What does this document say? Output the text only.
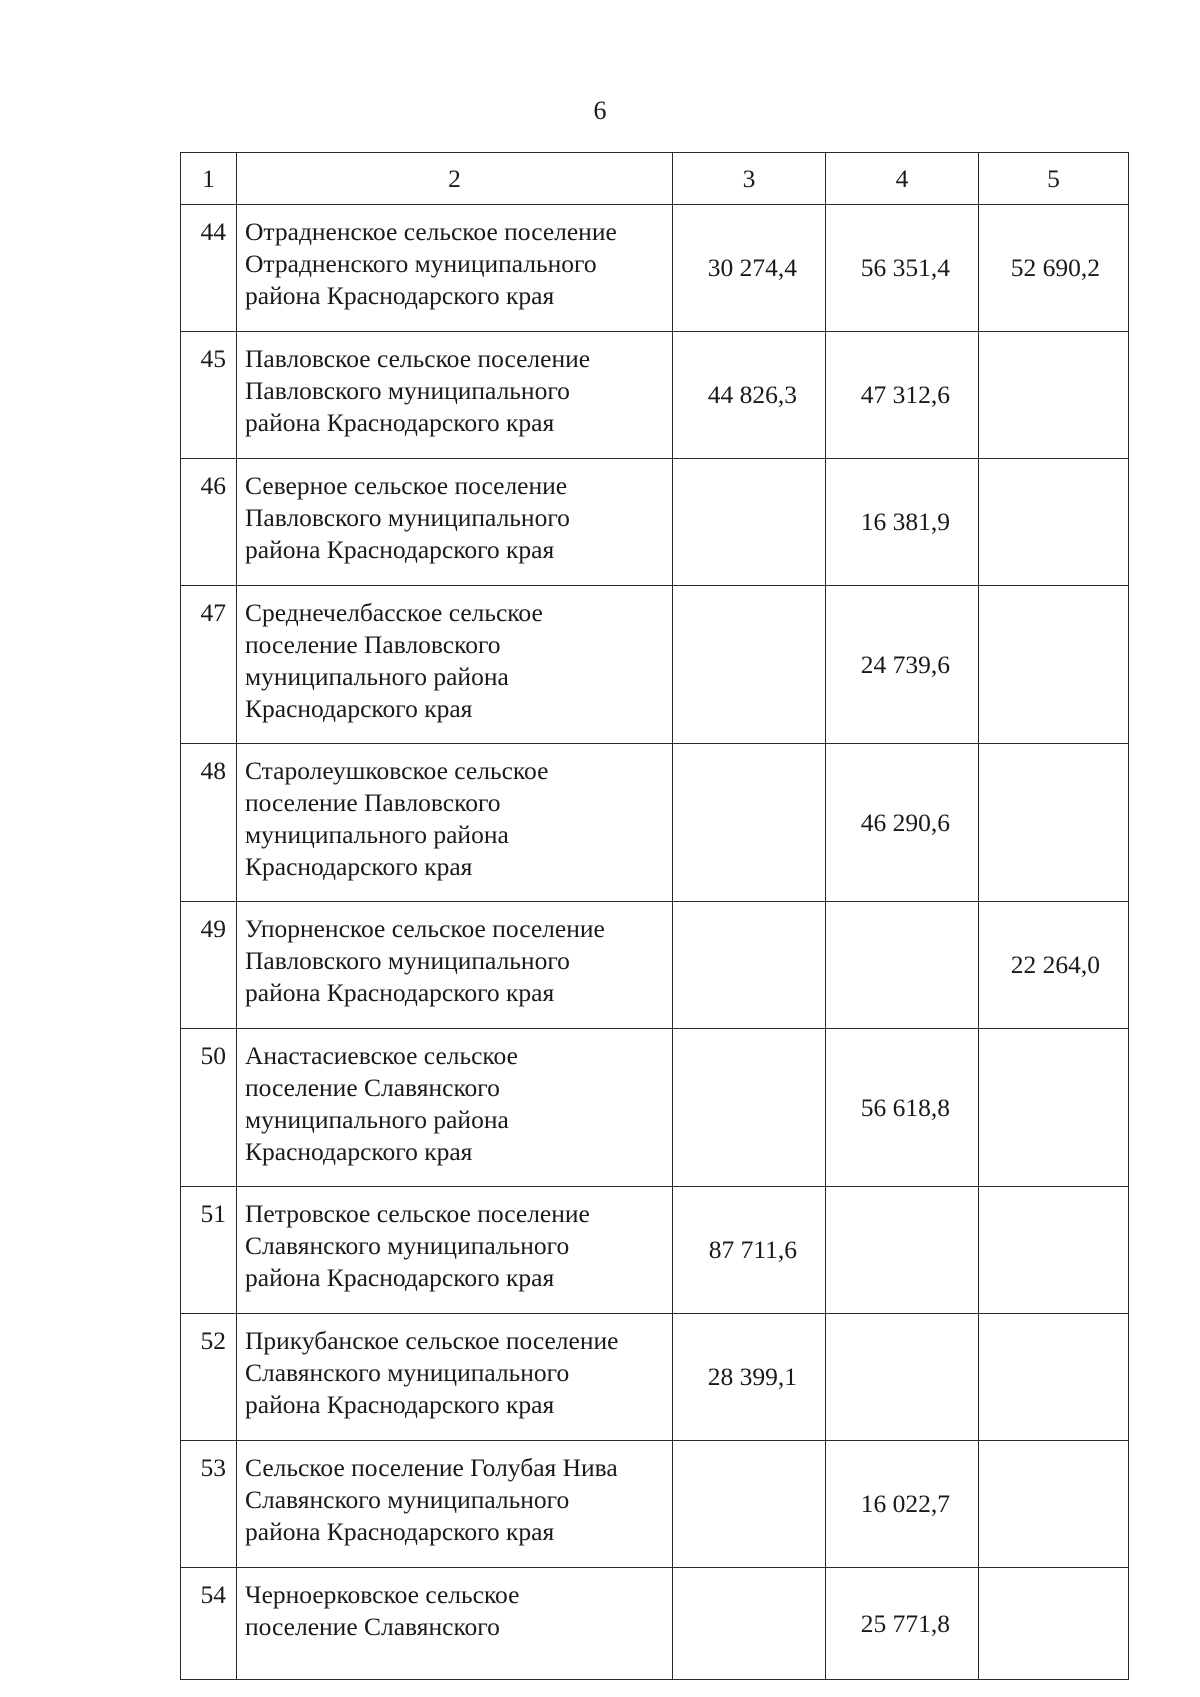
6
1	2	3	4	5
44	Отрадненское сельское поселение
Отрадненского муниципального
района Краснодарского края	30 274,4	56 351,4	52 690,2
45	Павловское сельское поселение
Павловского муниципального
района Краснодарского края	44 826,3	47 312,6	
46	Северное сельское поселение
Павловского муниципального
района Краснодарского края		16 381,9	
47	Среднечелбасское сельское
поселение Павловского
муниципального района
Краснодарского края		24 739,6	
48	Старолеушковское сельское
поселение Павловского
муниципального района
Краснодарского края		46 290,6	
49	Упорненское сельское поселение
Павловского муниципального
района Краснодарского края			22 264,0
50	Анастасиевское сельское
поселение Славянского
муниципального района
Краснодарского края		56 618,8	
51	Петровское сельское поселение
Славянского муниципального
района Краснодарского края	87 711,6		
52	Прикубанское сельское поселение
Славянского муниципального
района Краснодарского края	28 399,1		
53	Сельское поселение Голубая Нива
Славянского муниципального
района Краснодарского края		16 022,7	
54	Черноерковское сельское
поселение Славянского		25 771,8	
